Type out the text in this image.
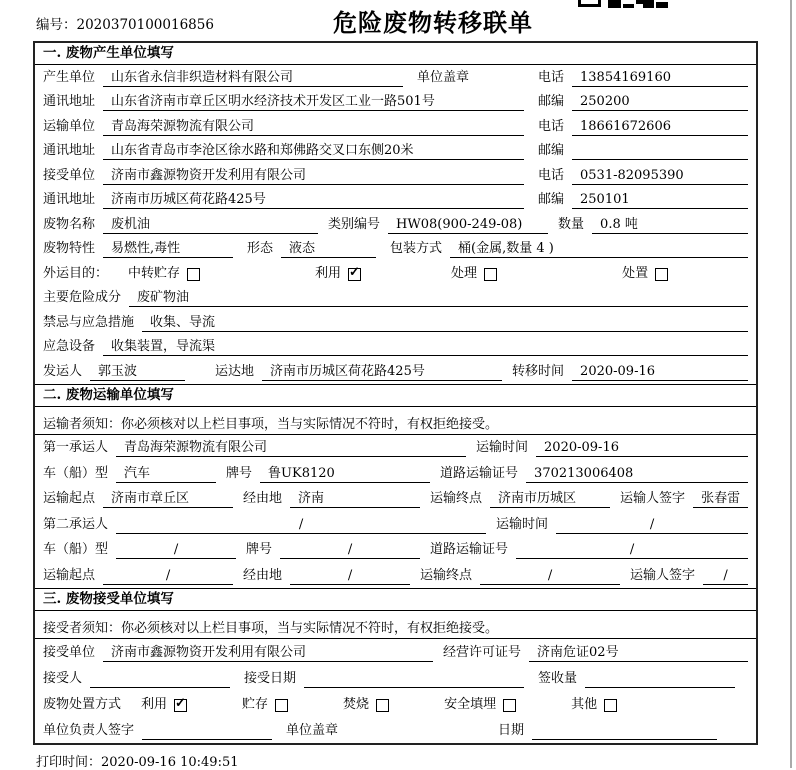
编号：2020370100016856	危险废物转移联单
一. 废物产生单位填写
产生单位	山东省永信非织造材料有限公司	单位盖章	电话	13854169160
通讯地址	山东省济南市章丘区明水经济技术开发区工业一路501号	邮编	250200
运输单位	青岛海荣源物流有限公司	电话	18661672606
通讯地址	山东省青岛市李沧区徐水路和郑佛路交叉口东侧20米	邮编
接受单位	济南市鑫源物资开发利用有限公司	电话	0531-82095390
通讯地址	济南市历城区荷花路425号	邮编	250101
废物名称	废机油	类别编号	HW08(900-249-08)	数量	0.8 吨
废物特性	易燃性,毒性	形态	液态	包装方式	桶(金属,数量 4 )
外运目的： 中转贮存	利用 ✓	处理	处置
主要危险成分	废矿物油
禁忌与应急措施	收集、导流
应急设备	收集装置，导流渠
发运人	郭玉波	运达地	济南市历城区荷花路425号	转移时间	2020-09-16
二. 废物运输单位填写
运输者须知：你必须核对以上栏目事项，当与实际情况不符时，有权拒绝接受。
第一承运人	青岛海荣源物流有限公司	运输时间	2020-09-16
车（船）型	汽车	牌号	鲁UK8120	道路运输证号	370213006408
运输起点	济南市章丘区	经由地	济南	运输终点	济南市历城区	运输人签字	张春雷
第二承运人	/	运输时间	/
车（船）型	/	牌号	/	道路运输证号	/
运输起点	/	经由地	/	运输终点	/	运输人签字	/
三. 废物接受单位填写
接受者须知：你必须核对以上栏目事项，当与实际情况不符时，有权拒绝接受。
接受单位	济南市鑫源物资开发利用有限公司	经营许可证号	济南危证02号
接受人	接受日期	签收量
废物处置方式 利用 ✓	贮存	焚烧	安全填埋	其他
单位负责人签字	单位盖章	日期
打印时间：2020-09-16 10:49:51
